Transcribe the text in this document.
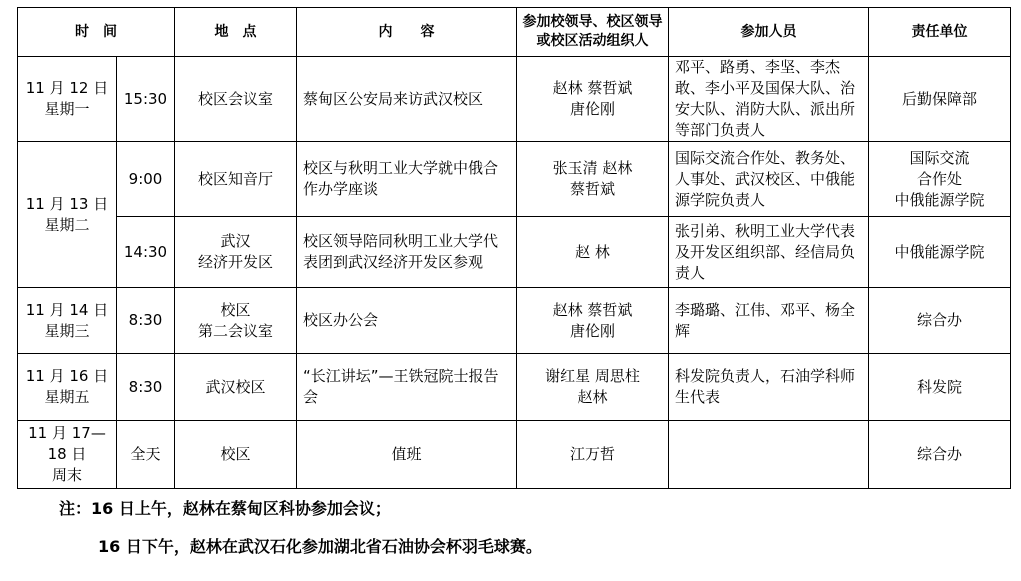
时　间		地　点	内　　容	参加校领导、校区领导或校区活动组织人	参加人员	责任单位

11 月 12 日
星期一	15:30	校区会议室	蔡甸区公安局来访武汉校区	赵林 蔡哲斌
唐伦刚	邓平、路勇、李坚、李杰敢、李小平及国保大队、治安大队、消防大队、派出所等部门负责人	后勤保障部

11 月 13 日
星期二	9:00	校区知音厅	校区与秋明工业大学就中俄合作办学座谈	张玉清 赵林
蔡哲斌	国际交流合作处、教务处、人事处、武汉校区、中俄能源学院负责人	国际交流
合作处
中俄能源学院

	14:30	武汉
经济开发区	校区领导陪同秋明工业大学代表团到武汉经济开发区参观	赵 林	张引弟、秋明工业大学代表及开发区组织部、经信局负责人	中俄能源学院

11 月 14 日
星期三	8:30	校区
第二会议室	校区办公会	赵林 蔡哲斌
唐伦刚	李璐璐、江伟、邓平、杨全辉	综合办

11 月 16 日
星期五	8:30	武汉校区	“长江讲坛”—王铁冠院士报告会	谢红星 周思柱
赵林	科发院负责人，石油学科师生代表	科发院

11 月 17—
18 日
周末	全天	校区	值班	江万哲		综合办
注：16 日上午，赵林在蔡甸区科协参加会议；
16 日下午，赵林在武汉石化参加湖北省石油协会杯羽毛球赛。
